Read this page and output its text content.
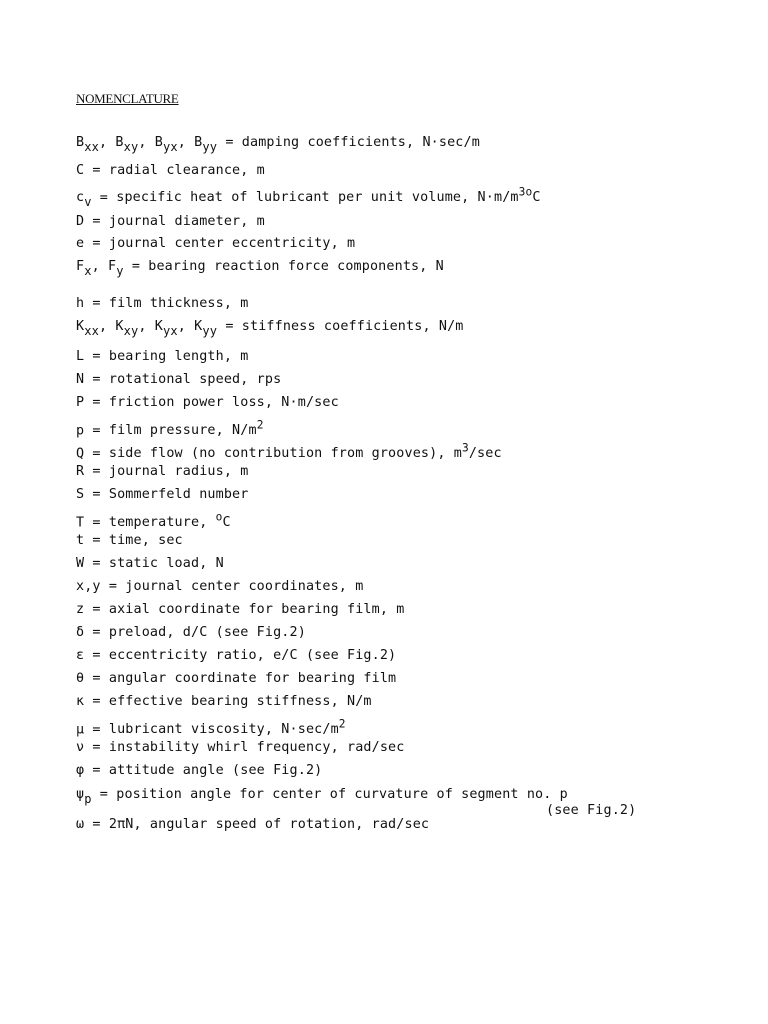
NOMENCLATURE
$B_{xx}$, $B_{xy}$, $B_{yx}$, $B_{yy}$ = damping coefficients, N·sec/m
C = radial clearance, m
$c_v$ = specific heat of lubricant per unit volume, $N\cdot m/m^{3o}C$
D = journal diameter, m
e = journal center eccentricity, m
$F_x$, $F_y$ = bearing reaction force components, N
h = film thickness, m
$K_{xx}$, $K_{xy}$, $K_{yx}$, $K_{yy}$ = stiffness coefficients, N/m
L = bearing length, m
N = rotational speed, rps
P = friction power loss, N·m/sec
p = film pressure, $N/m^2$
Q = side flow (no contribution from grooves), $m^3/\sec$
R = journal radius, m
S = Sommerfeld number
T = temperature, $^o$C
t = time, sec
W = static load, N
x,y = journal center coordinates, m
z = axial coordinate for bearing film, m
δ = preload, d/C (see Fig.2)
ε = eccentricity ratio, e/C (see Fig.2)
θ = angular coordinate for bearing film
κ = effective bearing stiffness, N/m
μ = lubricant viscosity, $N\cdot\sec/m^2$
ν = instability whirl frequency, rad/sec
φ = attitude angle (see Fig.2)
$\psi_p$ = position angle for center of curvature of segment no. p
(see Fig.2)
ω = 2πN, angular speed of rotation, rad/sec
